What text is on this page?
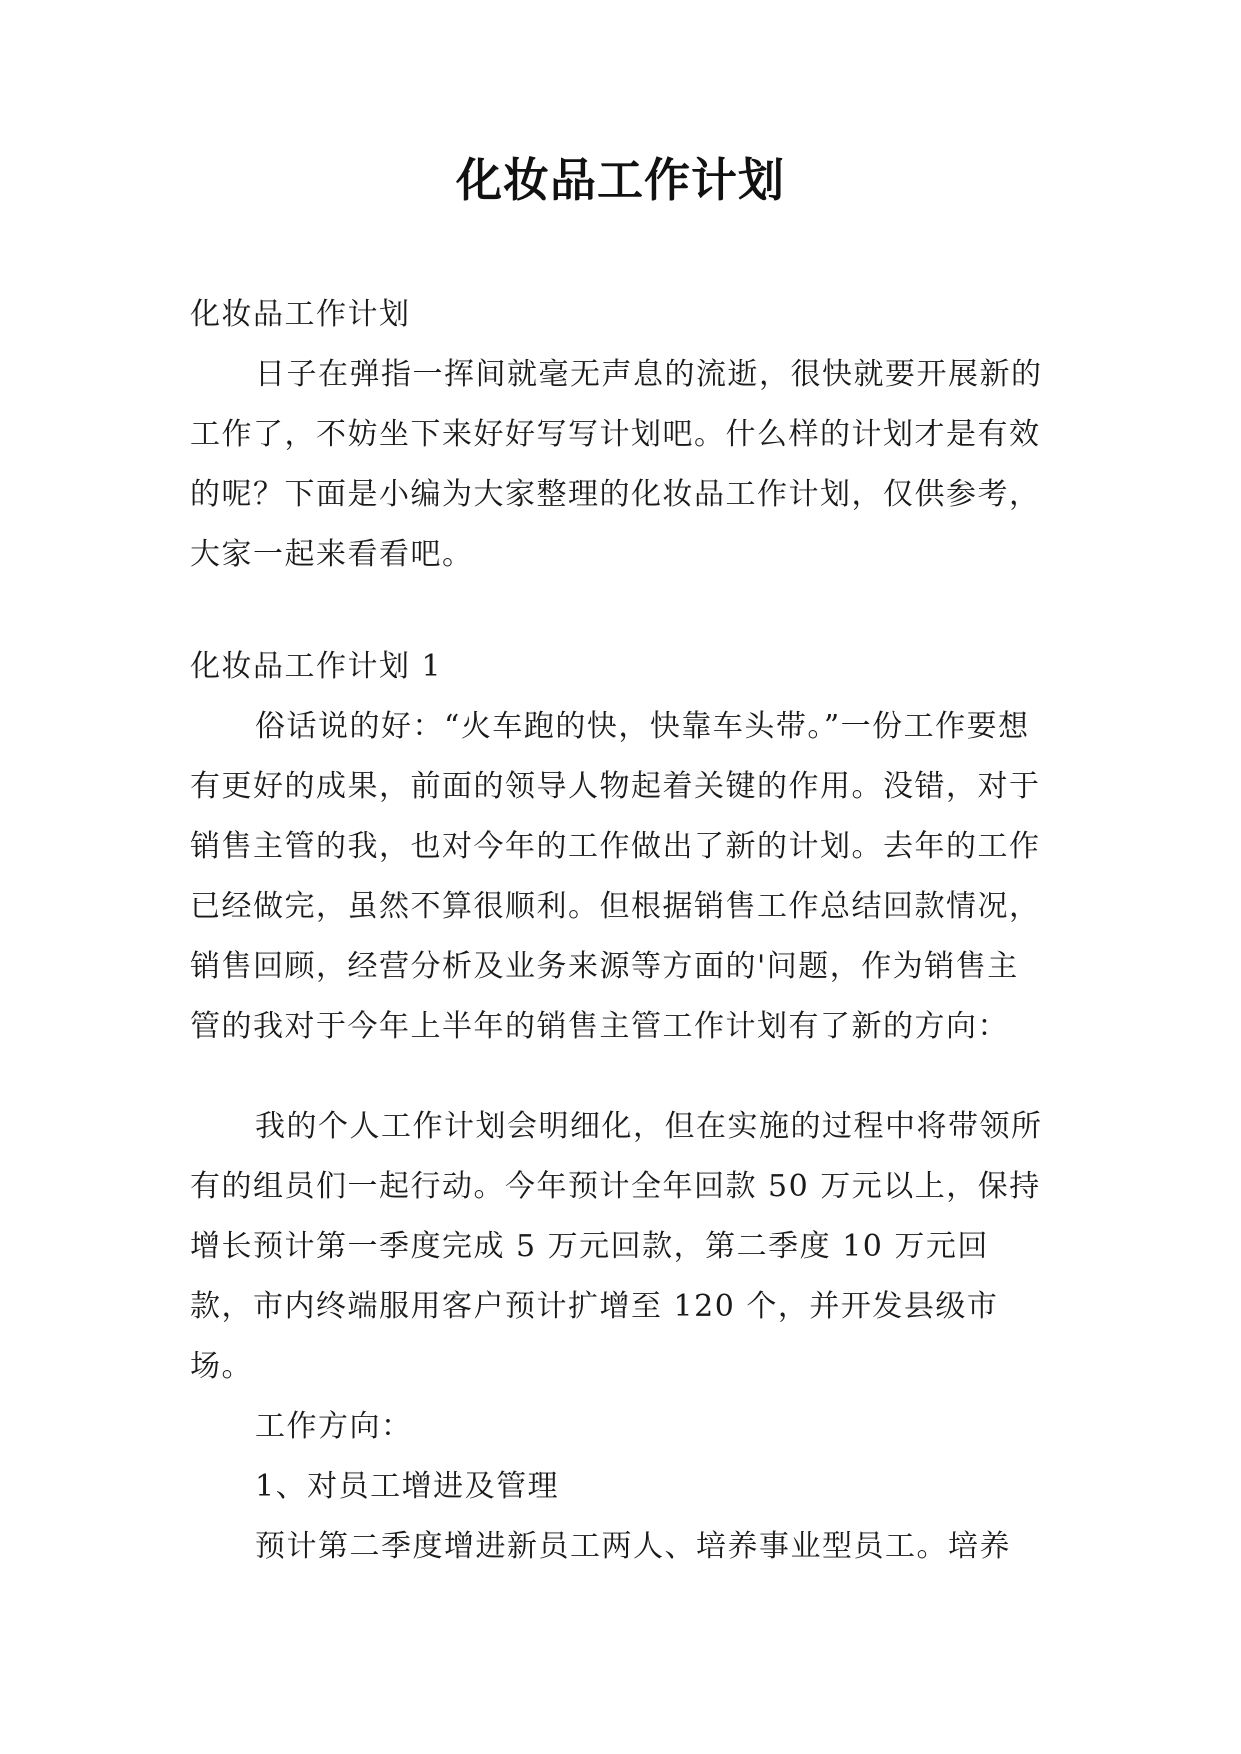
化妆品工作计划

化妆品工作计划

日子在弹指一挥间就毫无声息的流逝，很快就要开展新的工作了，不妨坐下来好好写写计划吧。什么样的计划才是有效的呢？下面是小编为大家整理的化妆品工作计划，仅供参考，大家一起来看看吧。

化妆品工作计划 1

俗话说的好：“火车跑的快，快靠车头带。”一份工作要想有更好的成果，前面的领导人物起着关键的作用。没错，对于销售主管的我，也对今年的工作做出了新的计划。去年的工作已经做完，虽然不算很顺利。但根据销售工作总结回款情况，销售回顾，经营分析及业务来源等方面的'问题，作为销售主管的我对于今年上半年的销售主管工作计划有了新的方向：

我的个人工作计划会明细化，但在实施的过程中将带领所有的组员们一起行动。今年预计全年回款 50 万元以上，保持增长预计第一季度完成 5 万元回款，第二季度 10 万元回款，市内终端服用客户预计扩增至 120 个，并开发县级市场。

工作方向：

1、对员工增进及管理

预计第二季度增进新员工两人、培养事业型员工。培养
